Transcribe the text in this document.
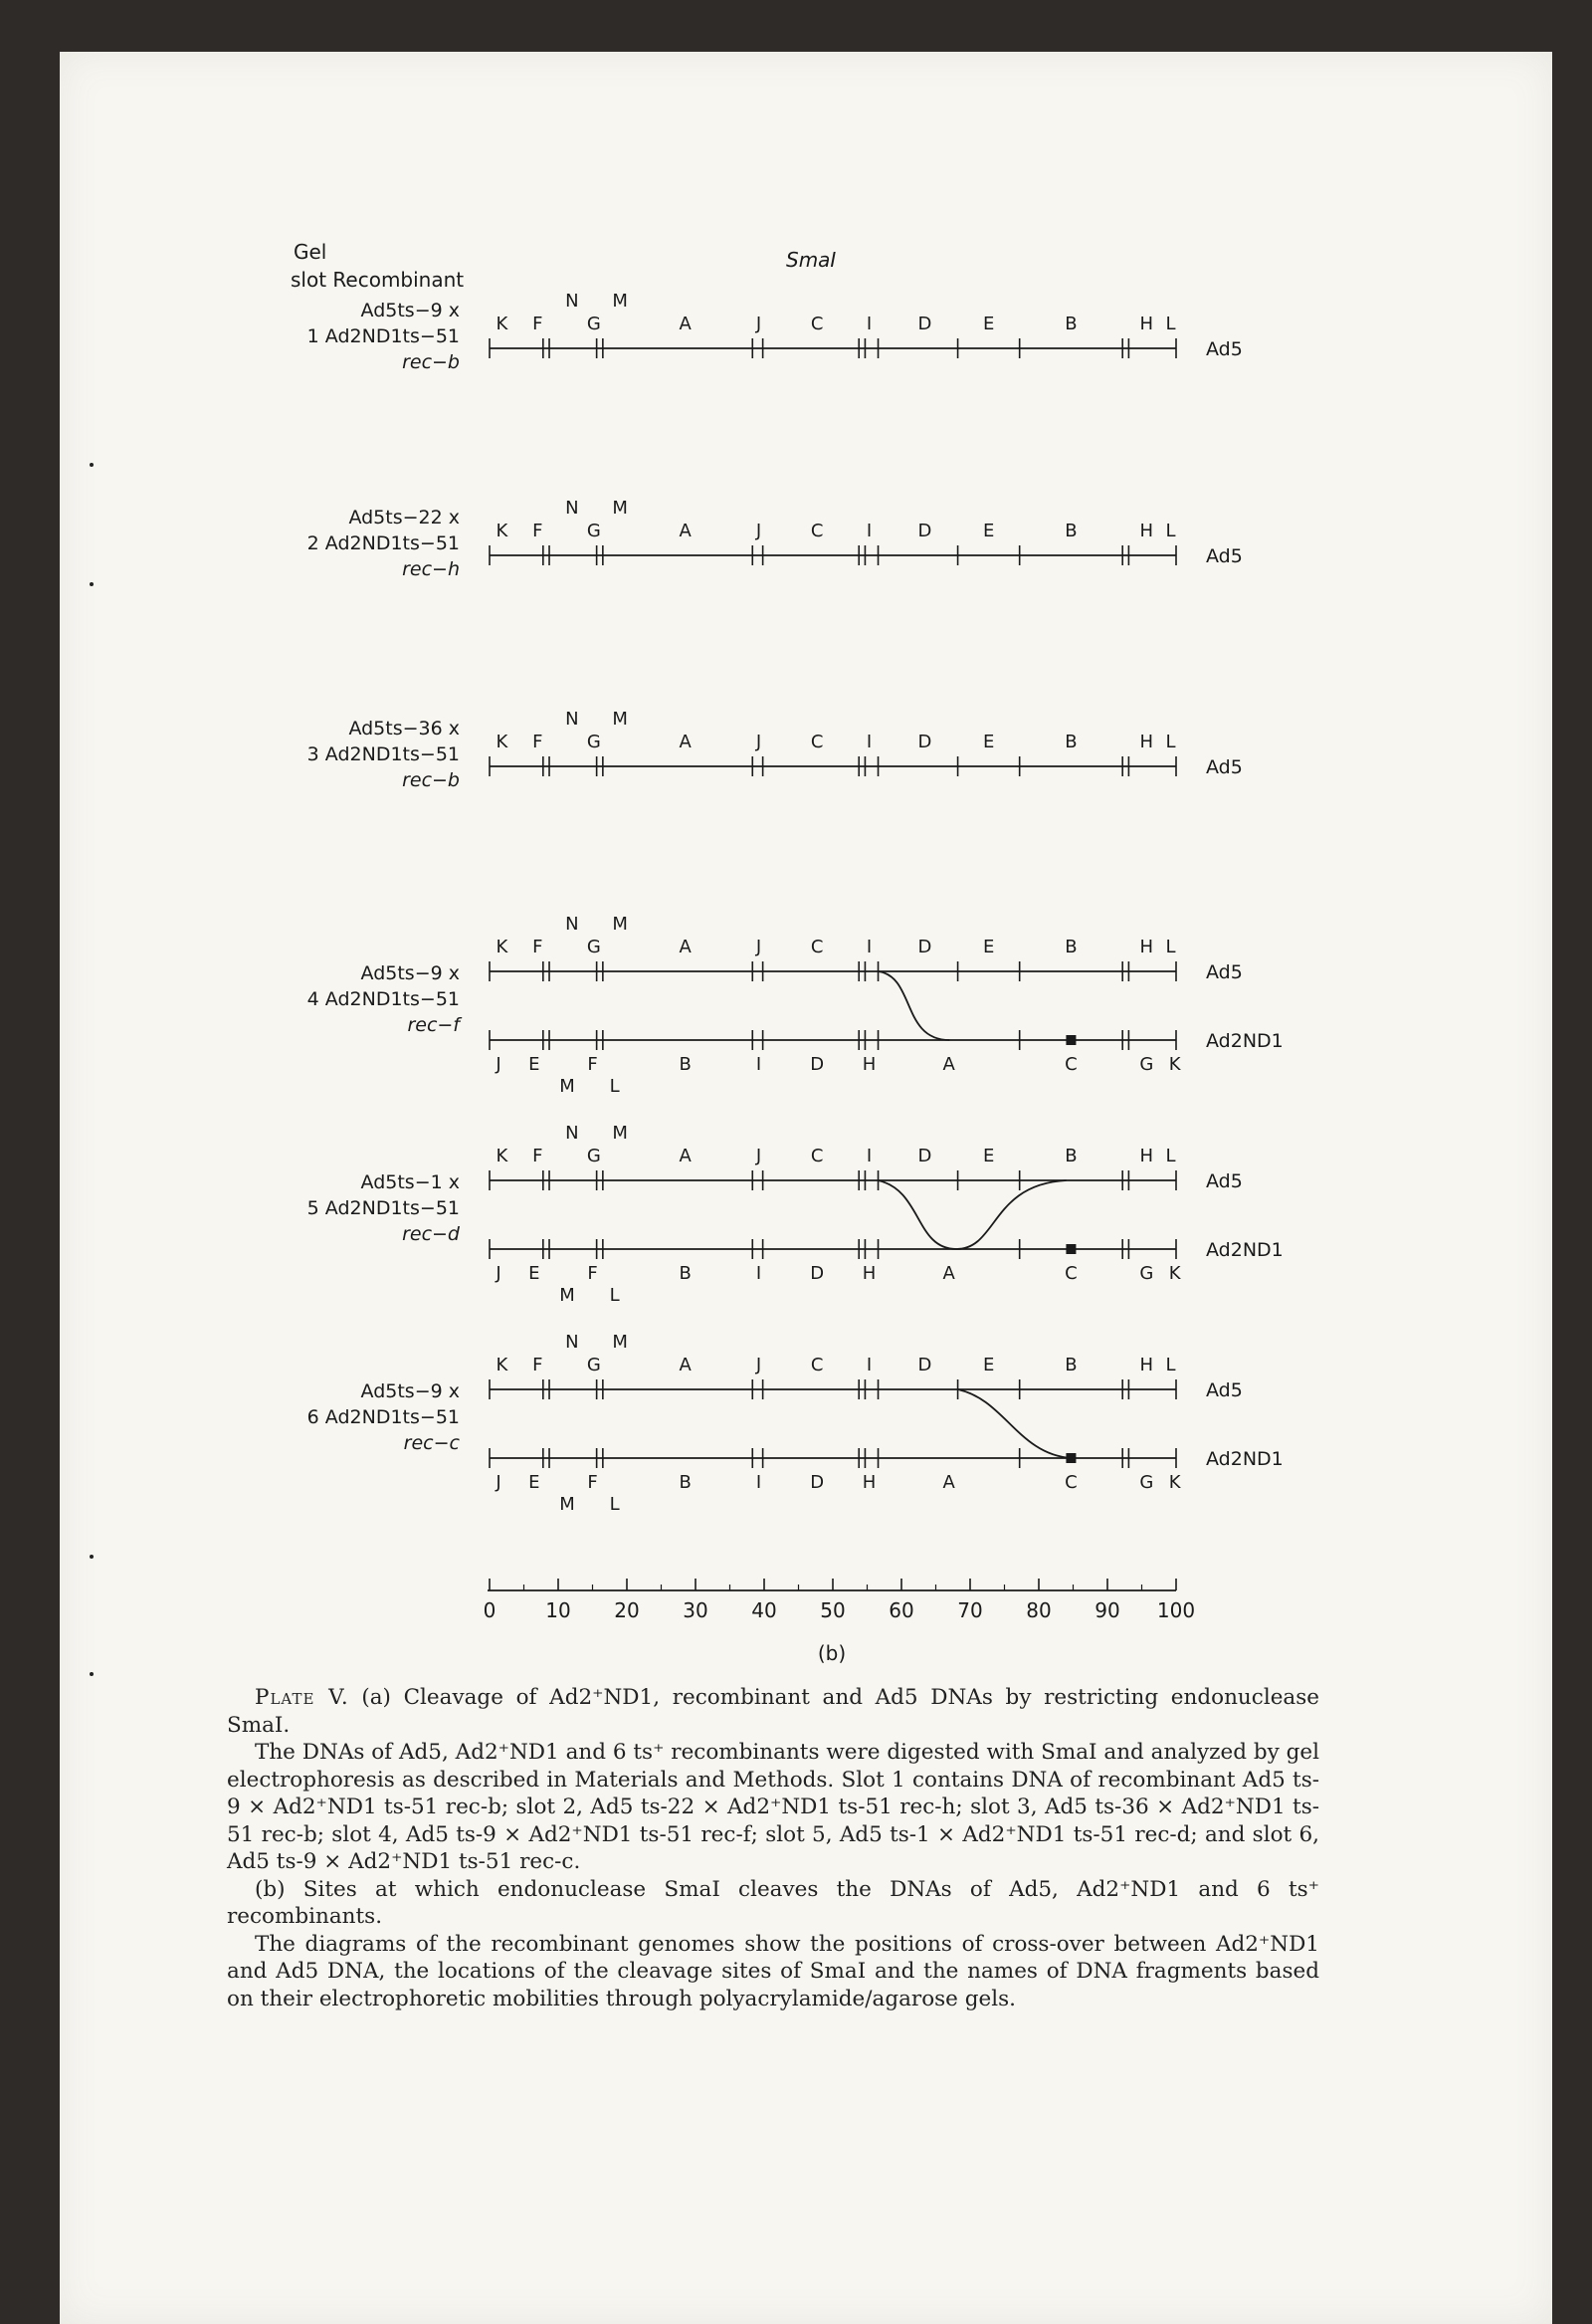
Gel
slot Recombinant
SmaI
Ad5ts−9 x
1 Ad2ND1ts−51
rec−b
K F
N
G
M
A	J	C I	D	E	B	H L
Ad5
Ad5ts−22 x
2 Ad2ND1ts−51
rec−h
K F
N
G
M
A	J	C I	D	E	B	H L
Ad5
Ad5ts−36 x
3 Ad2ND1ts−51
rec−b
K F
N
G
M
A	J	C I	D	E	B	H L
Ad5
Ad5ts−9 x
4 Ad2ND1ts−51
rec−f
K F
N
G
M
A	J	C I	D	E	B	H L
Ad5
J E	F	B	I	D H	A	C	G K
M L
Ad2ND1
Ad5ts−1 x
5 Ad2ND1ts−51
rec−d
K F
N
G
M
A	J	C I	D	E	B	H L
Ad5
J E	F	B	I	D H	A	C	G K
M L
Ad2ND1
Ad5ts−9 x
6 Ad2ND1ts−51
rec−c
K F
N
G
M
A	J	C I	D	E	B	H L
Ad5
J E	F	B	I	D H	A	C	G K
M L
Ad2ND1
0 10 20 30 40 50 60 70 80 90 100
(b)

Plate V. (a) Cleavage of Ad2⁺ND1, recombinant and Ad5 DNAs by restricting endonuclease SmaI.

The DNAs of Ad5, Ad2⁺ND1 and 6 ts⁺ recombinants were digested with SmaI and analyzed by gel electrophoresis as described in Materials and Methods. Slot 1 contains DNA of recombinant Ad5 ts-9 × Ad2⁺ND1 ts-51 rec-b; slot 2, Ad5 ts-22 × Ad2⁺ND1 ts-51 rec-h; slot 3, Ad5 ts-36 × Ad2⁺ND1 ts-51 rec-b; slot 4, Ad5 ts-9 × Ad2⁺ND1 ts-51 rec-f; slot 5, Ad5 ts-1 × Ad2⁺ND1 ts-51 rec-d; and slot 6, Ad5 ts-9 × Ad2⁺ND1 ts-51 rec-c.

(b) Sites at which endonuclease SmaI cleaves the DNAs of Ad5, Ad2⁺ND1 and 6 ts⁺ recombinants.

The diagrams of the recombinant genomes show the positions of cross-over between Ad2⁺ND1 and Ad5 DNA, the locations of the cleavage sites of SmaI and the names of DNA fragments based on their electrophoretic mobilities through polyacrylamide/agarose gels.
